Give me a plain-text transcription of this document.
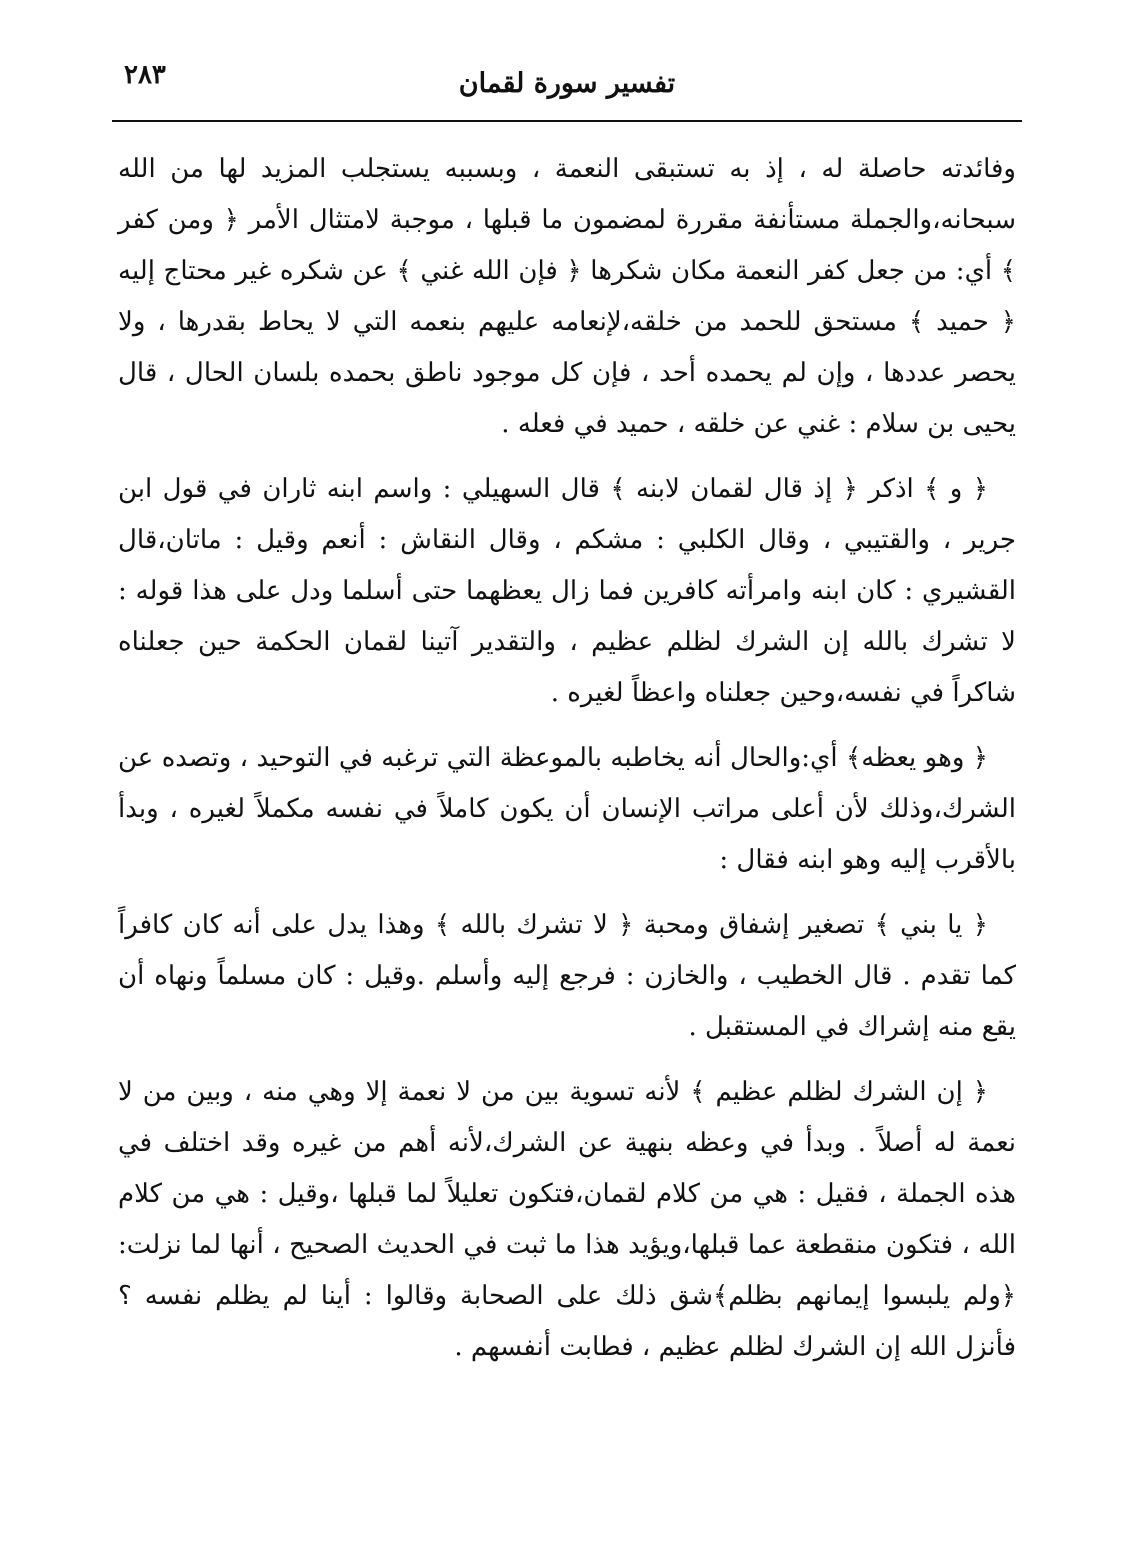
٢٨٣	تفسير سورة لقمان

وفائدته حاصلة له ، إذ به تستبقى النعمة ، وبسببه يستجلب المزيد لها من الله سبحانه،والجملة مستأنفة مقررة لمضمون ما قبلها ، موجبة لامتثال الأمر ﴿ ومن كفر ﴾ أي: من جعل كفر النعمة مكان شكرها ﴿ فإن الله غني ﴾ عن شكره غير محتاج إليه ﴿ حميد ﴾ مستحق للحمد من خلقه،لإنعامه عليهم بنعمه التي لا يحاط بقدرها ، ولا يحصر عددها ، وإن لم يحمده أحد ، فإن كل موجود ناطق بحمده بلسان الحال ، قال يحيى بن سلام : غني عن خلقه ، حميد في فعله .

﴿ و ﴾ اذكر ﴿ إذ قال لقمان لابنه ﴾ قال السهيلي : واسم ابنه ثاران في قول ابن جرير ، والقتيبي ، وقال الكلبي : مشكم ، وقال النقاش : أنعم وقيل : ماتان،قال القشيري : كان ابنه وامرأته كافرين فما زال يعظهما حتى أسلما ودل على هذا قوله : لا تشرك بالله إن الشرك لظلم عظيم ، والتقدير آتينا لقمان الحكمة حين جعلناه شاكراً في نفسه،وحين جعلناه واعظاً لغيره .

﴿ وهو يعظه﴾ أي:والحال أنه يخاطبه بالموعظة التي ترغبه في التوحيد ، وتصده عن الشرك،وذلك لأن أعلى مراتب الإنسان أن يكون كاملاً في نفسه مكملاً لغيره ، وبدأ بالأقرب إليه وهو ابنه فقال :

﴿ يا بني ﴾ تصغير إشفاق ومحبة ﴿ لا تشرك بالله ﴾ وهذا يدل على أنه كان كافراً كما تقدم . قال الخطيب ، والخازن : فرجع إليه وأسلم .وقيل : كان مسلماً ونهاه أن يقع منه إشراك في المستقبل .

﴿ إن الشرك لظلم عظيم ﴾ لأنه تسوية بين من لا نعمة إلا وهي منه ، وبين من لا نعمة له أصلاً . وبدأ في وعظه بنهية عن الشرك،لأنه أهم من غيره وقد اختلف في هذه الجملة ، فقيل : هي من كلام لقمان،فتكون تعليلاً لما قبلها ،وقيل : هي من كلام الله ، فتكون منقطعة عما قبلها،ويؤيد هذا ما ثبت في الحديث الصحيح ، أنها لما نزلت: ﴿ولم يلبسوا إيمانهم بظلم﴾شق ذلك على الصحابة وقالوا : أينا لم يظلم نفسه ؟ فأنزل الله إن الشرك لظلم عظيم ، فطابت أنفسهم .
